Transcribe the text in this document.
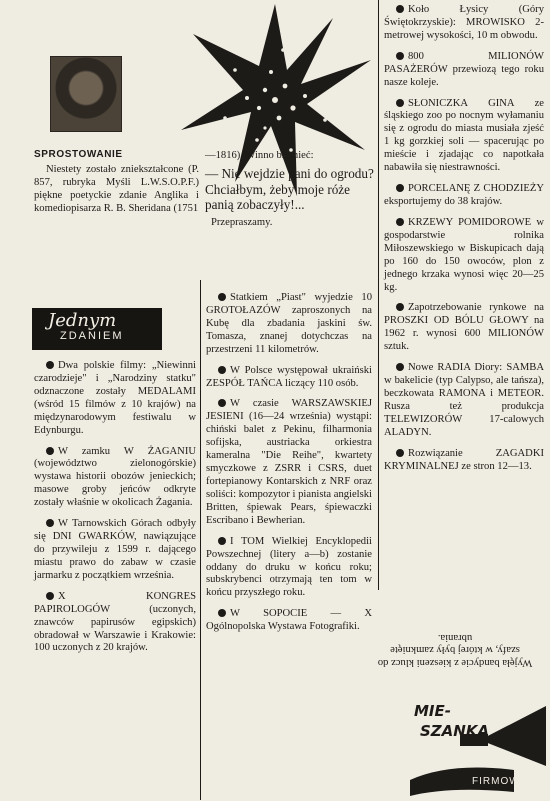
SPROSTOWANIE

Niestety zostało zniekształcone (P. 857, rubryka Myśli L.W.S.O.P.F.) piękne poetyckie zdanie Anglika i komediopisarza R. B. Sheridana (1751

—1816). Winno brzmieć:

— Nie wejdzie pani do ogrodu? Chciałbym, żeby moje róże panią zobaczyły!...

Przepraszamy.

Jednym
ZDANIEM

Dwa polskie filmy: „Niewinni czarodzieje" i „Narodziny statku" odznaczone zostały MEDALAMI (wśród 15 filmów z 10 krajów) na międzynarodowym festiwalu w Edynburgu.

W zamku W ŻAGANIU (województwo zielonogórskie) wystawa historii obozów jenieckich; masowe groby jeńców odkryte zostały właśnie w okolicach Żagania.

W Tarnowskich Górach odbyły się DNI GWARKÓW, nawiązujące do przywileju z 1599 r. dającego miastu prawo do zabaw w czasie jarmarku z początkiem września.

X KONGRES PAPIROLOGÓW (uczonych, znawców papirusów egipskich) obradował w Warszawie i Krakowie: 100 uczonych z 20 krajów.

Statkiem „Piast" wyjedzie 10 GROTOŁAZÓW zaproszonych na Kubę dla zbadania jaskini św. Tomasza, znanej dotychczas na przestrzeni 11 kilometrów.

W Polsce występował ukraiński ZESPÓŁ TAŃCA liczący 110 osób.

W czasie WARSZAWSKIEJ JESIENI (16—24 września) wystąpi: chiński balet z Pekinu, filharmonia sofijska, austriacka orkiestra kameralna "Die Reihe", kwartety smyczkowe z ZSRR i CSRS, duet fortepianowy Kontarskich z NRF oraz soliści: kompozytor i pianista angielski Britten, śpiewak Pears, śpiewaczki Escribano i Bewherian.

I TOM Wielkiej Encyklopedii Powszechnej (litery a—b) zostanie oddany do druku w końcu roku; subskrybenci otrzymają ten tom w końcu przyszłego roku.

W SOPOCIE — X Ogólnopolska Wystawa Fotografiki.

Koło Łysicy (Góry Świętokrzyskie): MROWISKO 2-metrowej wysokości, 10 m obwodu.

800 MILIONÓW PASAŻERÓW przewiozą tego roku nasze koleje.

SŁONICZKA GINA ze śląskiego zoo po nocnym wyłamaniu się z ogrodu do miasta musiała zjeść 1 kg gorzkiej soli — spacerując po mieście i zjadając co napotkała nabawiła się niestrawności.

PORCELANĘ Z CHODZIEŻY eksportujemy do 38 krajów.

KRZEWY POMIDOROWE w gospodarstwie rolnika Miłoszewskiego w Biskupicach dają po 160 do 150 owoców, plon z jednego krzaka wynosi więc 20—25 kg.

Zapotrzebowanie rynkowe na PROSZKI OD BÓLU GŁOWY na 1962 r. wynosi 600 MILIONÓW sztuk.

Nowe RADIA Diory: SAMBA w bakelicie (typ Calypso, ale tańsza), beczkowata RAMONA i METEOR. Rusza też produkcja TELEWIZORÓW 17-calowych ALADYN.

Rozwiązanie ZAGADKI KRYMINALNEJ ze stron 12—13.

Wyjęła bandycie z kieszeni klucz do szafy, w której były zamknięte ubrania.
MIE-
SZANKA
FIRMOWA
